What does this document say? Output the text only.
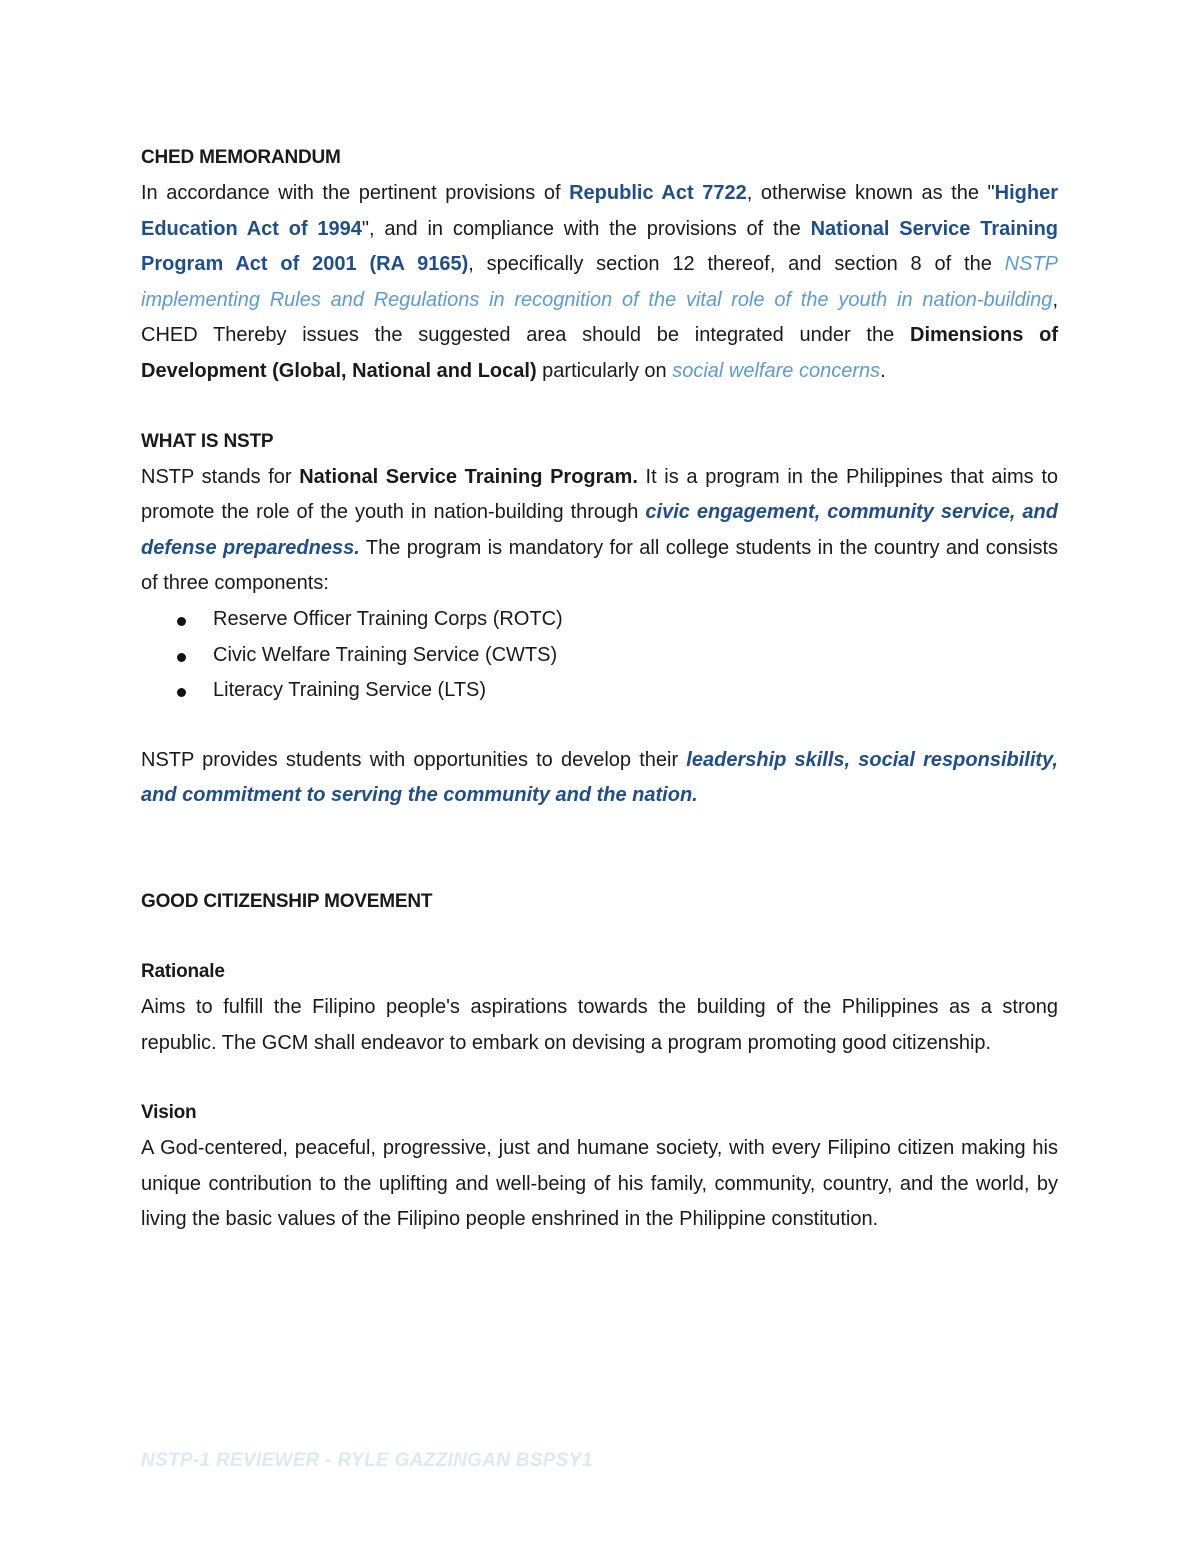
CHED MEMORANDUM

In accordance with the pertinent provisions of Republic Act 7722, otherwise known as the "Higher Education Act of 1994", and in compliance with the provisions of the National Service Training Program Act of 2001 (RA 9165), specifically section 12 thereof, and section 8 of the NSTP implementing Rules and Regulations in recognition of the vital role of the youth in nation-building, CHED Thereby issues the suggested area should be integrated under the Dimensions of Development (Global, National and Local) particularly on social welfare concerns.

WHAT IS NSTP

NSTP stands for National Service Training Program. It is a program in the Philippines that aims to promote the role of the youth in nation-building through civic engagement, community service, and defense preparedness. The program is mandatory for all college students in the country and consists of three components:

Reserve Officer Training Corps (ROTC)
Civic Welfare Training Service (CWTS)
Literacy Training Service (LTS)

NSTP provides students with opportunities to develop their leadership skills, social responsibility, and commitment to serving the community and the nation.

GOOD CITIZENSHIP MOVEMENT
Rationale

Aims to fulfill the Filipino people's aspirations towards the building of the Philippines as a strong republic. The GCM shall endeavor to embark on devising a program promoting good citizenship.

Vision

A God-centered, peaceful, progressive, just and humane society, with every Filipino citizen making his unique contribution to the uplifting and well-being of his family, community, country, and the world, by living the basic values of the Filipino people enshrined in the Philippine constitution.

NSTP-1 REVIEWER - RYLE GAZZINGAN BSPSY1
